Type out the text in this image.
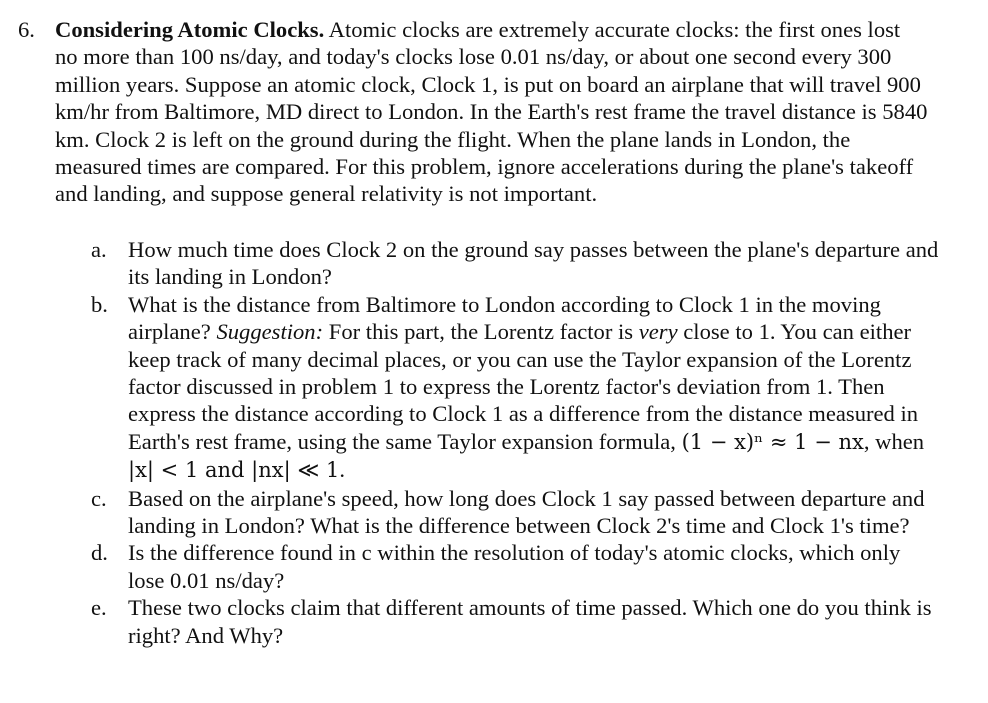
6. Considering Atomic Clocks. Atomic clocks are extremely accurate clocks: the first ones lost no more than 100 ns/day, and today's clocks lose 0.01 ns/day, or about one second every 300 million years. Suppose an atomic clock, Clock 1, is put on board an airplane that will travel 900 km/hr from Baltimore, MD direct to London. In the Earth's rest frame the travel distance is 5840 km. Clock 2 is left on the ground during the flight. When the plane lands in London, the measured times are compared. For this problem, ignore accelerations during the plane's takeoff and landing, and suppose general relativity is not important.
a. How much time does Clock 2 on the ground say passes between the plane's departure and its landing in London?
b. What is the distance from Baltimore to London according to Clock 1 in the moving airplane? Suggestion: For this part, the Lorentz factor is very close to 1. You can either keep track of many decimal places, or you can use the Taylor expansion of the Lorentz factor discussed in problem 1 to express the Lorentz factor's deviation from 1. Then express the distance according to Clock 1 as a difference from the distance measured in Earth's rest frame, using the same Taylor expansion formula, (1 − x)ⁿ ≈ 1 − nx, when |x| < 1 and |nx| ≪ 1.
c. Based on the airplane's speed, how long does Clock 1 say passed between departure and landing in London? What is the difference between Clock 2's time and Clock 1's time?
d. Is the difference found in c within the resolution of today's atomic clocks, which only lose 0.01 ns/day?
e. These two clocks claim that different amounts of time passed. Which one do you think is right? And Why?
